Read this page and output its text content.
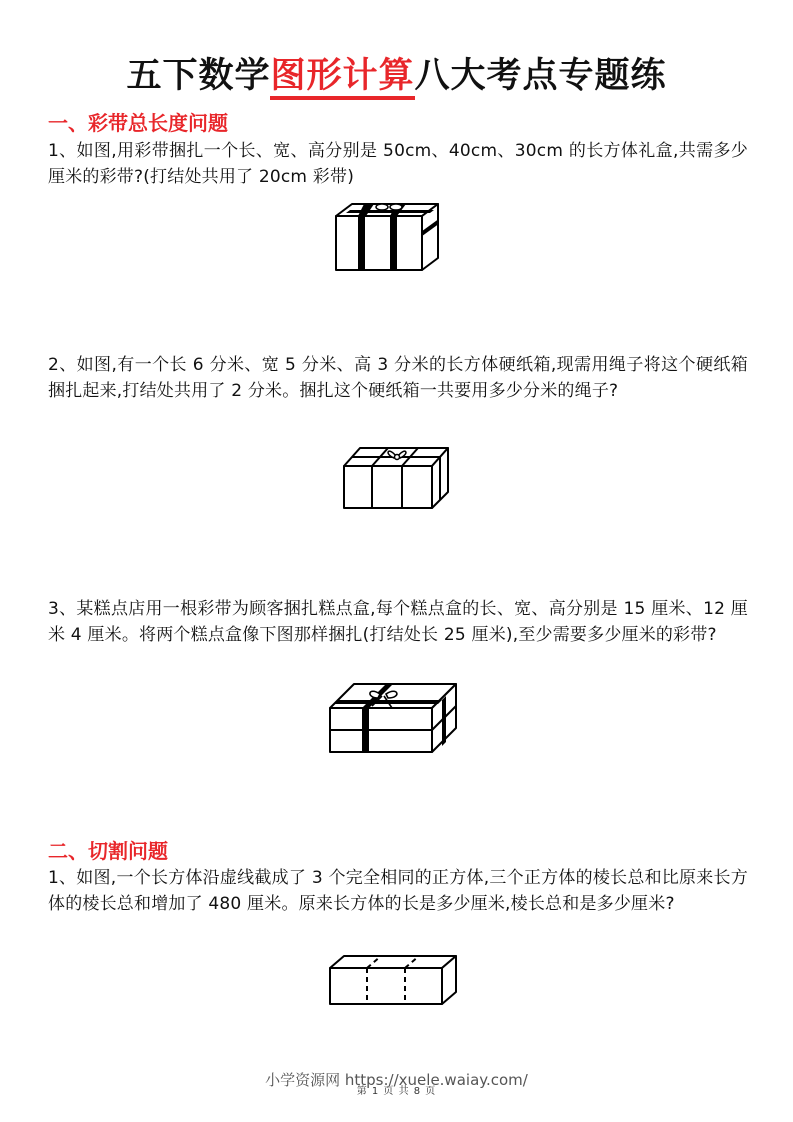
五下数学图形计算八大考点专题练
一、彩带总长度问题
1、如图,用彩带捆扎一个长、宽、高分别是 50cm、40cm、30cm 的长方体礼盒,共需多少厘米的彩带?(打结处共用了 20cm 彩带)
2、如图,有一个长 6 分米、宽 5 分米、高 3 分米的长方体硬纸箱,现需用绳子将这个硬纸箱捆扎起来,打结处共用了 2 分米。捆扎这个硬纸箱一共要用多少分米的绳子?
3、某糕点店用一根彩带为顾客捆扎糕点盒,每个糕点盒的长、宽、高分别是 15 厘米、12 厘米 4 厘米。将两个糕点盒像下图那样捆扎(打结处长 25 厘米),至少需要多少厘米的彩带?
二、切割问题
1、如图,一个长方体沿虚线截成了 3 个完全相同的正方体,三个正方体的棱长总和比原来长方体的棱长总和增加了 480 厘米。原来长方体的长是多少厘米,棱长总和是多少厘米?
小学资源网 https://xuele.waiay.com/
第 1 页 共 8 页
